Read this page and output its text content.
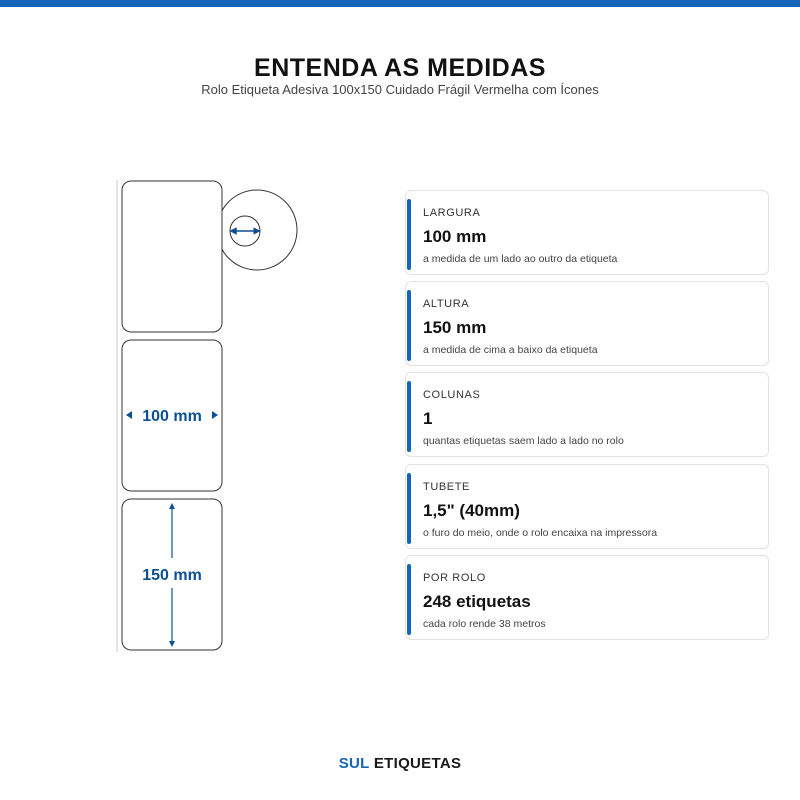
ENTENDA AS MEDIDAS
Rolo Etiqueta Adesiva 100x150 Cuidado Frágil Vermelha com Ícones
100 mm
150 mm
LARGURA
100 mm
a medida de um lado ao outro da etiqueta
ALTURA
150 mm
a medida de cima a baixo da etiqueta
COLUNAS
1
quantas etiquetas saem lado a lado no rolo
TUBETE
1,5" (40mm)
o furo do meio, onde o rolo encaixa na impressora
POR ROLO
248 etiquetas
cada rolo rende 38 metros
SUL ETIQUETAS
